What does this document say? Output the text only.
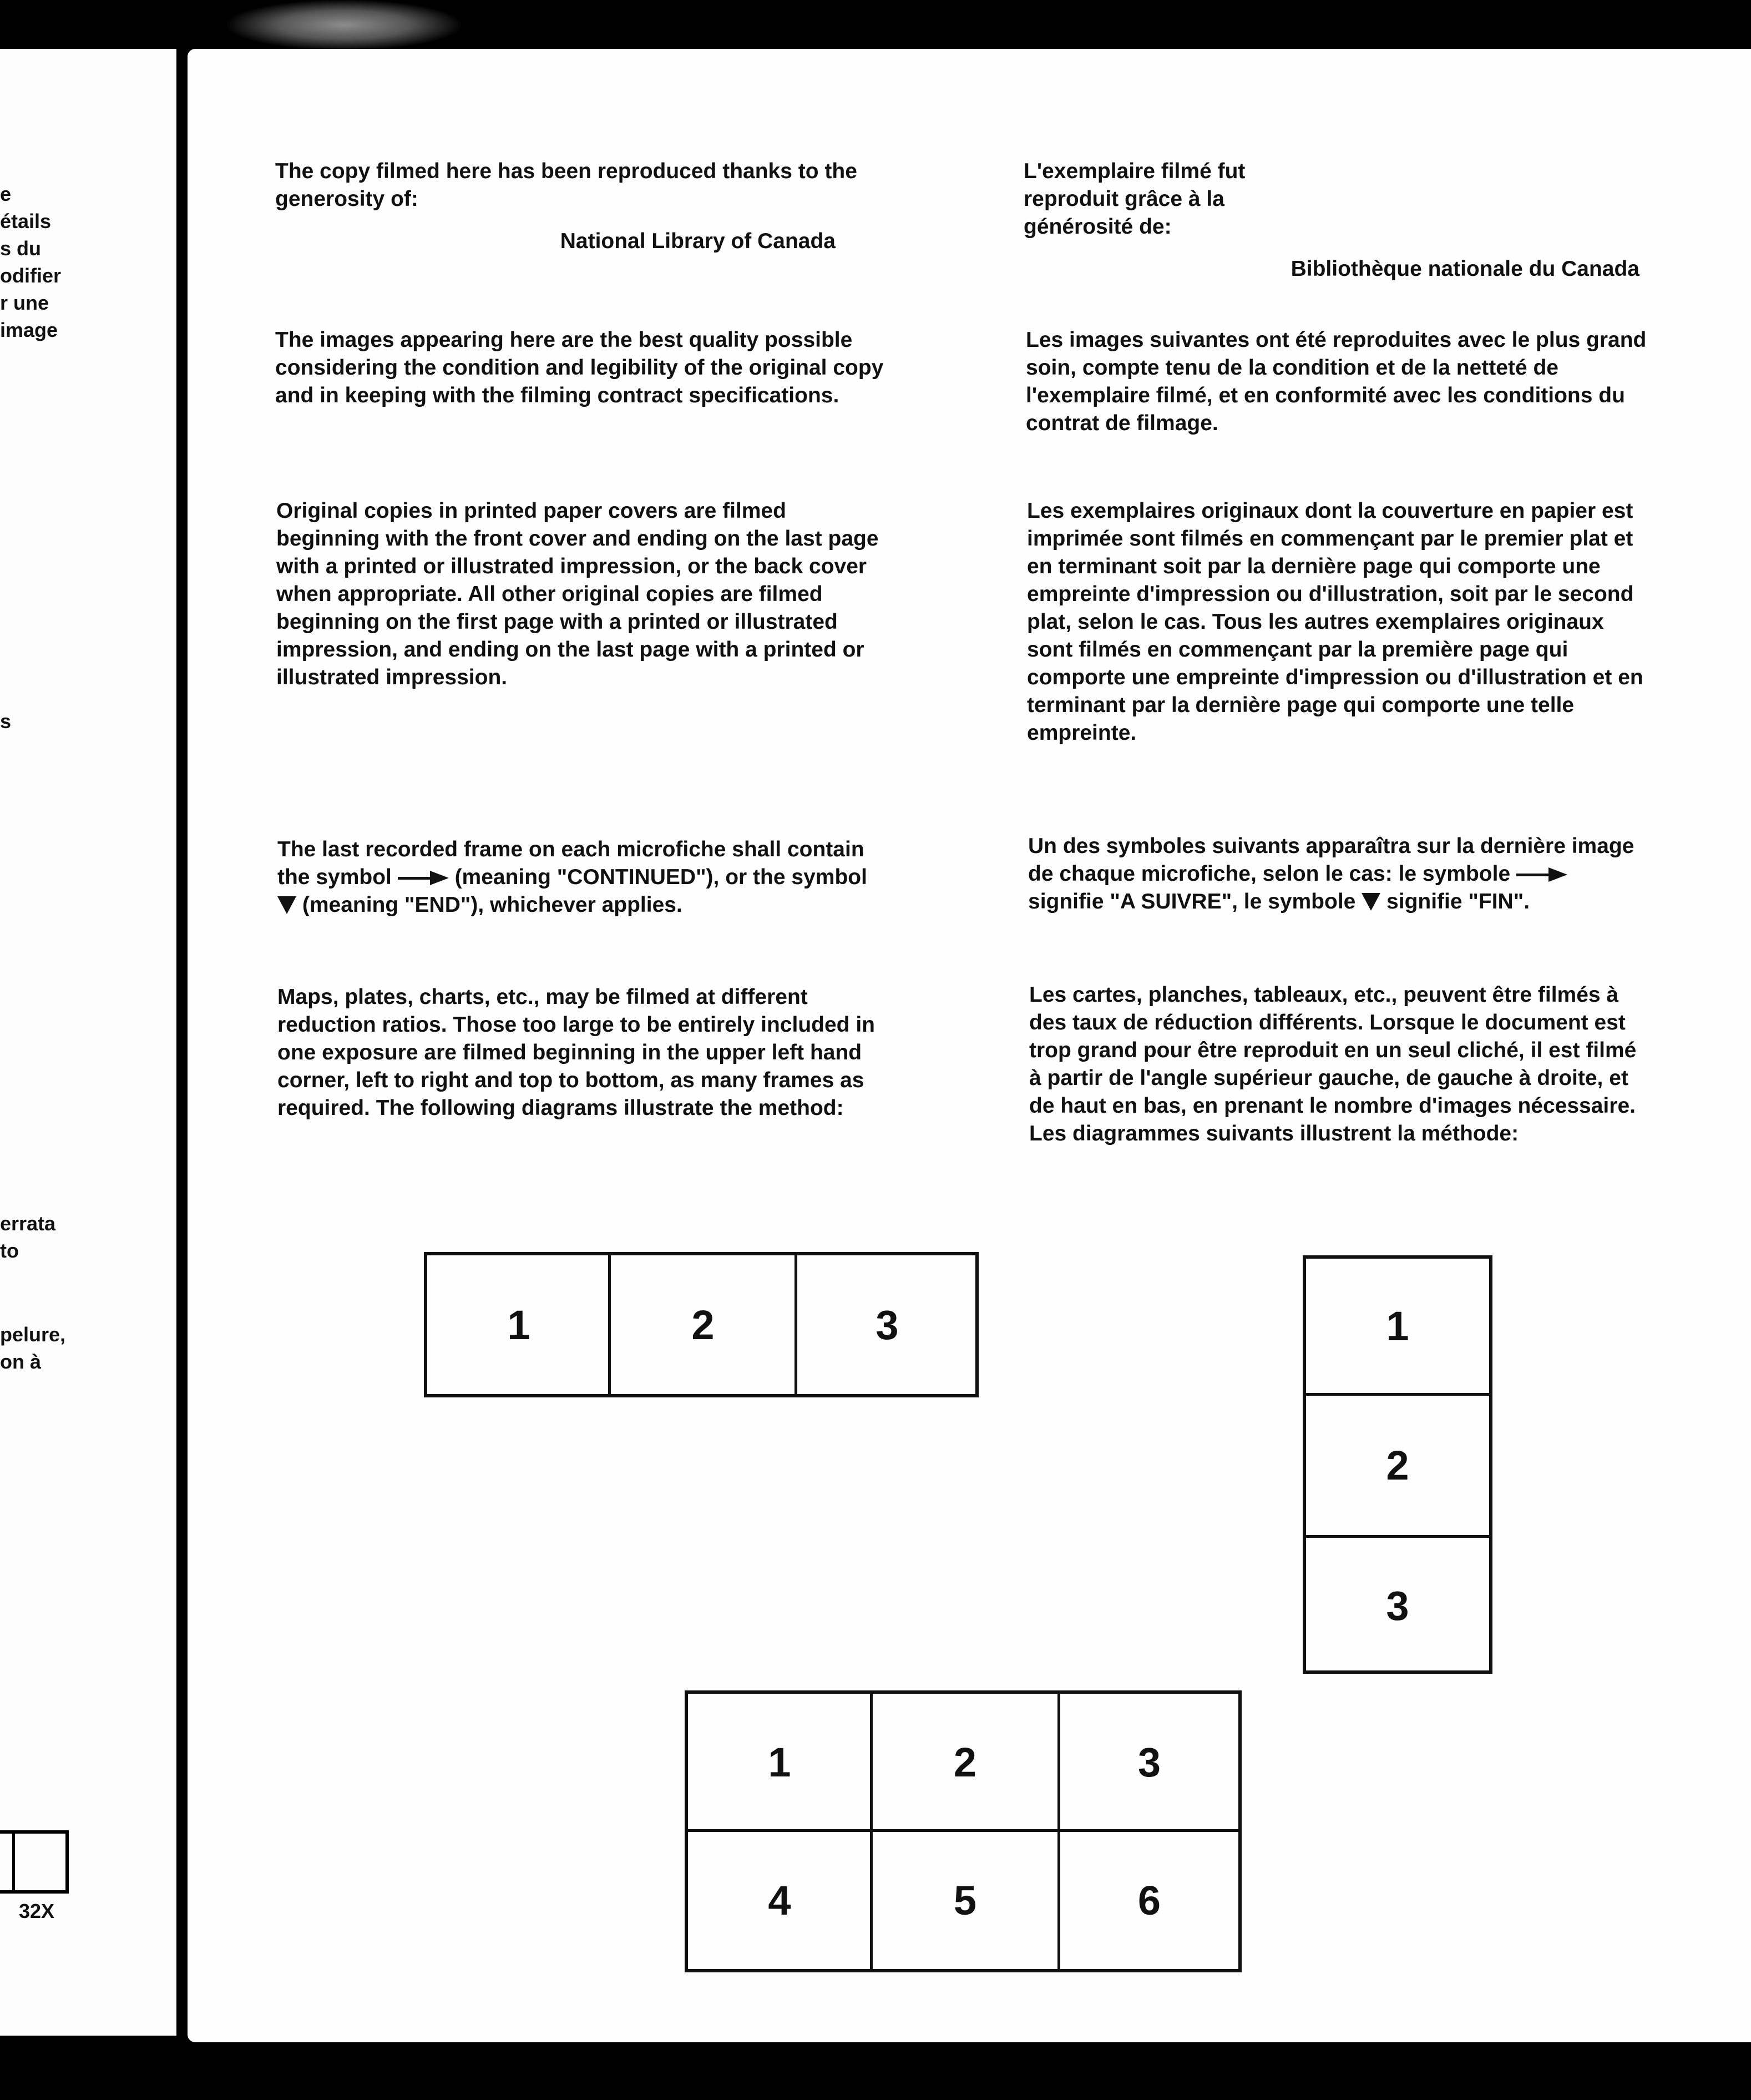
e

étails

s du

odifier

r une

image

s

errata

to

pelure,

on à

32X

The copy filmed here has been reproduced thanks to the generosity of:

National Library of Canada

The images appearing here are the best quality possible considering the condition and legibility of the original copy and in keeping with the filming contract specifications.

Original copies in printed paper covers are filmed beginning with the front cover and ending on the last page with a printed or illustrated impression, or the back cover when appropriate. All other original copies are filmed beginning on the first page with a printed or illustrated impression, and ending on the last page with a printed or illustrated impression.

The last recorded frame on each microfiche shall contain the symbol	(meaning "CONTINUED"), or the symbol  (meaning "END"), whichever applies.

Maps, plates, charts, etc., may be filmed at different reduction ratios. Those too large to be entirely included in one exposure are filmed beginning in the upper left hand corner, left to right and top to bottom, as many frames as required. The following diagrams illustrate the method:

L'exemplaire filmé fut reproduit grâce à la générosité de:

Bibliothèque nationale du Canada

Les images suivantes ont été reproduites avec le plus grand soin, compte tenu de la condition et de la netteté de l'exemplaire filmé, et en conformité avec les conditions du contrat de filmage.

Les exemplaires originaux dont la couverture en papier est imprimée sont filmés en commençant par le premier plat et en terminant soit par la dernière page qui comporte une empreinte d'impression ou d'illustration, soit par le second plat, selon le cas. Tous les autres exemplaires originaux sont filmés en commençant par la première page qui comporte une empreinte d'impression ou d'illustration et en terminant par la dernière page qui comporte une telle empreinte.

Un des symboles suivants apparaîtra sur la dernière image de chaque microfiche, selon le cas: le symbole  signifie "A SUIVRE", le symbole signifie "FIN".

Les cartes, planches, tableaux, etc., peuvent être filmés à des taux de réduction différents. Lorsque le document est trop grand pour être reproduit en un seul cliché, il est filmé à partir de l'angle supérieur gauche, de gauche à droite, et de haut en bas, en prenant le nombre d'images nécessaire. Les diagrammes suivants illustrent la méthode:

1	2	3	1
2
3
1	2	3
4	5	6
